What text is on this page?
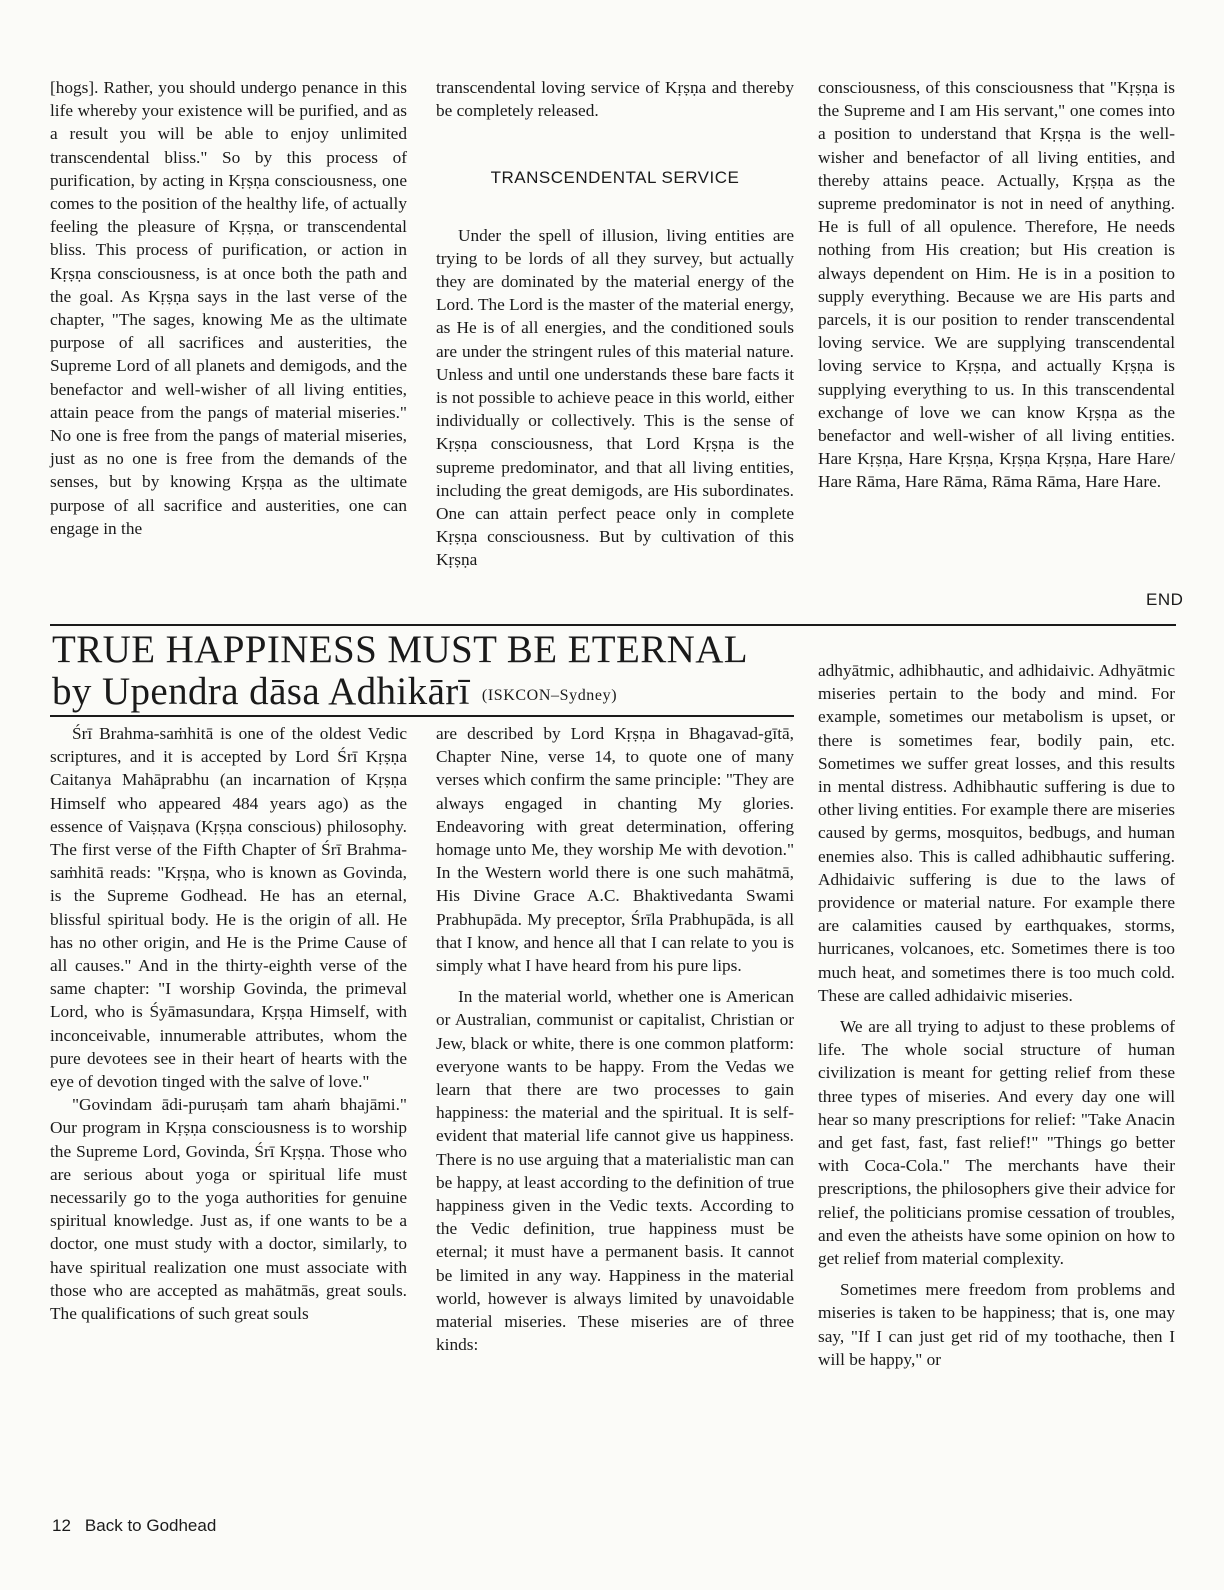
[hogs]. Rather, you should undergo penance in this life whereby your existence will be purified, and as a result you will be able to enjoy unlimited transcendental bliss." So by this process of purification, by acting in Kṛṣṇa consciousness, one comes to the position of the healthy life, of actually feeling the pleasure of Kṛṣṇa, or transcendental bliss. This process of purification, or action in Kṛṣṇa consciousness, is at once both the path and the goal. As Kṛṣṇa says in the last verse of the chapter, "The sages, knowing Me as the ultimate purpose of all sacrifices and austerities, the Supreme Lord of all planets and demigods, and the benefactor and well-wisher of all living entities, attain peace from the pangs of material miseries." No one is free from the pangs of material miseries, just as no one is free from the demands of the senses, but by knowing Kṛṣṇa as the ultimate purpose of all sacrifice and austerities, one can engage in the

transcendental loving service of Kṛṣṇa and thereby be completely released.

TRANSCENDENTAL SERVICE

Under the spell of illusion, living entities are trying to be lords of all they survey, but actually they are dominated by the material energy of the Lord. The Lord is the master of the material energy, as He is of all energies, and the conditioned souls are under the stringent rules of this material nature. Unless and until one understands these bare facts it is not possible to achieve peace in this world, either individually or collectively. This is the sense of Kṛṣṇa consciousness, that Lord Kṛṣṇa is the supreme predominator, and that all living entities, including the great demigods, are His subordinates. One can attain perfect peace only in complete Kṛṣṇa consciousness. But by cultivation of this Kṛṣṇa

consciousness, of this consciousness that "Kṛṣṇa is the Supreme and I am His servant," one comes into a position to understand that Kṛṣṇa is the well-wisher and benefactor of all living entities, and thereby attains peace. Actually, Kṛṣṇa as the supreme predominator is not in need of anything. He is full of all opulence. Therefore, He needs nothing from His creation; but His creation is always dependent on Him. He is in a position to supply everything. Because we are His parts and parcels, it is our position to render transcendental loving service. We are supplying transcendental loving service to Kṛṣṇa, and actually Kṛṣṇa is supplying everything to us. In this transcendental exchange of love we can know Kṛṣṇa as the benefactor and well-wisher of all living entities. Hare Kṛṣṇa, Hare Kṛṣṇa, Kṛṣṇa Kṛṣṇa, Hare Hare/ Hare Rāma, Hare Rāma, Rāma Rāma, Hare Hare.

END
TRUE HAPPINESS MUST BE ETERNAL
by Upendra dāsa Adhikārī (ISKCON–Sydney)

Śrī Brahma-saṁhitā is one of the oldest Vedic scriptures, and it is accepted by Lord Śrī Kṛṣṇa Caitanya Mahāprabhu (an incarnation of Kṛṣṇa Himself who appeared 484 years ago) as the essence of Vaiṣṇava (Kṛṣṇa conscious) philosophy. The first verse of the Fifth Chapter of Śrī Brahma-saṁhitā reads: "Kṛṣṇa, who is known as Govinda, is the Supreme Godhead. He has an eternal, blissful spiritual body. He is the origin of all. He has no other origin, and He is the Prime Cause of all causes." And in the thirty-eighth verse of the same chapter: "I worship Govinda, the primeval Lord, who is Śyāmasundara, Kṛṣṇa Himself, with inconceivable, innumerable attributes, whom the pure devotees see in their heart of hearts with the eye of devotion tinged with the salve of love."

"Govindam ādi-puruṣaṁ tam ahaṁ bhajāmi." Our program in Kṛṣṇa consciousness is to worship the Supreme Lord, Govinda, Śrī Kṛṣṇa. Those who are serious about yoga or spiritual life must necessarily go to the yoga authorities for genuine spiritual knowledge. Just as, if one wants to be a doctor, one must study with a doctor, similarly, to have spiritual realization one must associate with those who are accepted as mahātmās, great souls. The qualifications of such great souls

are described by Lord Kṛṣṇa in Bhagavad-gītā, Chapter Nine, verse 14, to quote one of many verses which confirm the same principle: "They are always engaged in chanting My glories. Endeavoring with great determination, offering homage unto Me, they worship Me with devotion." In the Western world there is one such mahātmā, His Divine Grace A.C. Bhaktivedanta Swami Prabhupāda. My preceptor, Śrīla Prabhupāda, is all that I know, and hence all that I can relate to you is simply what I have heard from his pure lips.

In the material world, whether one is American or Australian, communist or capitalist, Christian or Jew, black or white, there is one common platform: everyone wants to be happy. From the Vedas we learn that there are two processes to gain happiness: the material and the spiritual. It is self-evident that material life cannot give us happiness. There is no use arguing that a materialistic man can be happy, at least according to the definition of true happiness given in the Vedic texts. According to the Vedic definition, true happiness must be eternal; it must have a permanent basis. It cannot be limited in any way. Happiness in the material world, however is always limited by unavoidable material miseries. These miseries are of three kinds:

adhyātmic, adhibhautic, and adhidaivic. Adhyātmic miseries pertain to the body and mind. For example, sometimes our metabolism is upset, or there is sometimes fear, bodily pain, etc. Sometimes we suffer great losses, and this results in mental distress. Adhibhautic suffering is due to other living entities. For example there are miseries caused by germs, mosquitos, bedbugs, and human enemies also. This is called adhibhautic suffering. Adhidaivic suffering is due to the laws of providence or material nature. For example there are calamities caused by earthquakes, storms, hurricanes, volcanoes, etc. Sometimes there is too much heat, and sometimes there is too much cold. These are called adhidaivic miseries.

We are all trying to adjust to these problems of life. The whole social structure of human civilization is meant for getting relief from these three types of miseries. And every day one will hear so many prescriptions for relief: "Take Anacin and get fast, fast, fast relief!" "Things go better with Coca-Cola." The merchants have their prescriptions, the philosophers give their advice for relief, the politicians promise cessation of troubles, and even the atheists have some opinion on how to get relief from material complexity.

Sometimes mere freedom from problems and miseries is taken to be happiness; that is, one may say, "If I can just get rid of my toothache, then I will be happy," or

12 Back to Godhead
